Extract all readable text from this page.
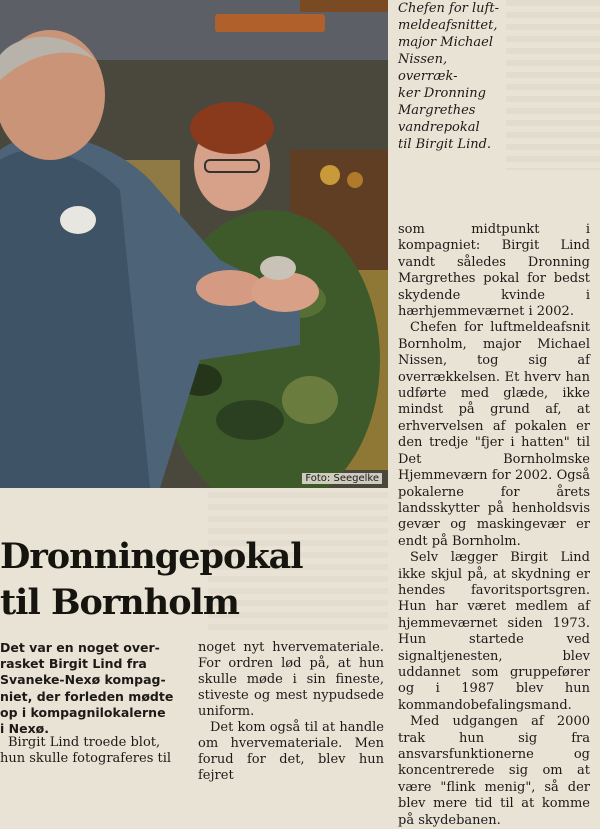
Foto: Seegelke
Chefen for luft-
meldeafsnittet,
major Michael
Nissen, overræk-
ker Dronning
Margrethes
vandrepokal
til Birgit Lind.

som midtpunkt i kompagniet: Birgit Lind vandt således Dronning Margrethes pokal for bedst skydende kvinde i hærhjemmeværnet i 2002.

Chefen for luftmeldeafsnit Bornholm, major Michael Nissen, tog sig af overrækkelsen. Et hverv han udførte med glæde, ikke mindst på grund af, at erhvervelsen af pokalen er den tredje "fjer i hatten" til Det Bornholmske Hjemmeværn for 2002. Også pokalerne for årets landsskytter på henholdsvis gevær og maskingevær er endt på Bornholm.

Selv lægger Birgit Lind ikke skjul på, at skydning er hendes favoritsportsgren. Hun har været medlem af hjemmeværnet siden 1973. Hun startede ved signaltjenesten, blev uddannet som gruppefører og i 1987 blev hun kommandobefalingsmand.

Med udgangen af 2000 trak hun sig fra ansvarsfunktionerne og koncentrerede sig om at være "flink menig", så der blev mere tid til at komme på skydebanen.

Dronningepokal
til Bornholm
Det var en noget over-
rasket Birgit Lind fra
Svaneke-Nexø kompag-
niet, der forleden mødte
op i kompagnilokalerne
i Nexø.
Birgit Lind troede blot,
hun skulle fotograferes til

noget nyt hvervemateriale. For ordren lød på, at hun skulle møde i sin fineste, stiveste og mest nypudsede uniform.

Det kom også til at handle om hvervemateriale. Men forud for det, blev hun fejret
